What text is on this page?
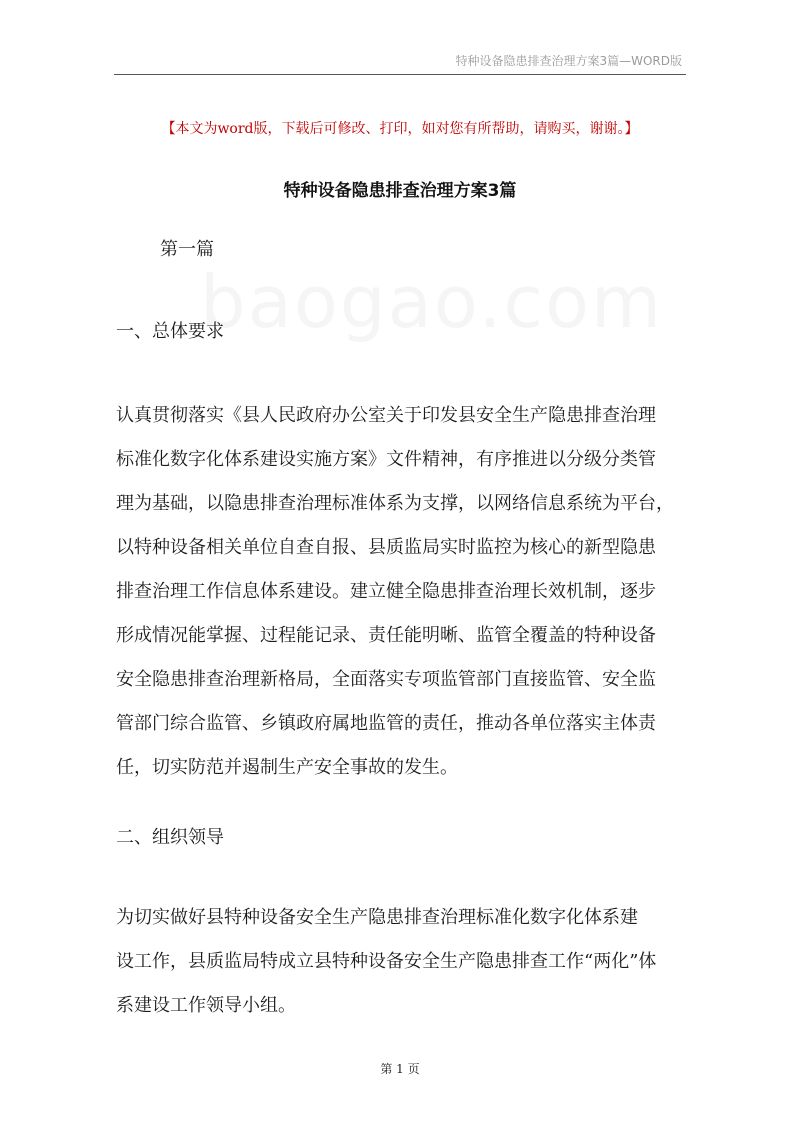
特种设备隐患排查治理方案3篇—WORD版
【本文为word版，下载后可修改、打印，如对您有所帮助，请购买，谢谢。】
特种设备隐患排查治理方案3篇
第一篇
一、总体要求
认真贯彻落实《县人民政府办公室关于印发县安全生产隐患排查治理
标准化数字化体系建设实施方案》文件精神，有序推进以分级分类管
理为基础，以隐患排查治理标准体系为支撑，以网络信息系统为平台，
以特种设备相关单位自查自报、县质监局实时监控为核心的新型隐患
排查治理工作信息体系建设。建立健全隐患排查治理长效机制，逐步
形成情况能掌握、过程能记录、责任能明晰、监管全覆盖的特种设备
安全隐患排查治理新格局，全面落实专项监管部门直接监管、安全监
管部门综合监管、乡镇政府属地监管的责任，推动各单位落实主体责
任，切实防范并遏制生产安全事故的发生。
二、组织领导
为切实做好县特种设备安全生产隐患排查治理标准化数字化体系建
设工作，县质监局特成立县特种设备安全生产隐患排查工作“两化”体
系建设工作领导小组。
第 1 页
